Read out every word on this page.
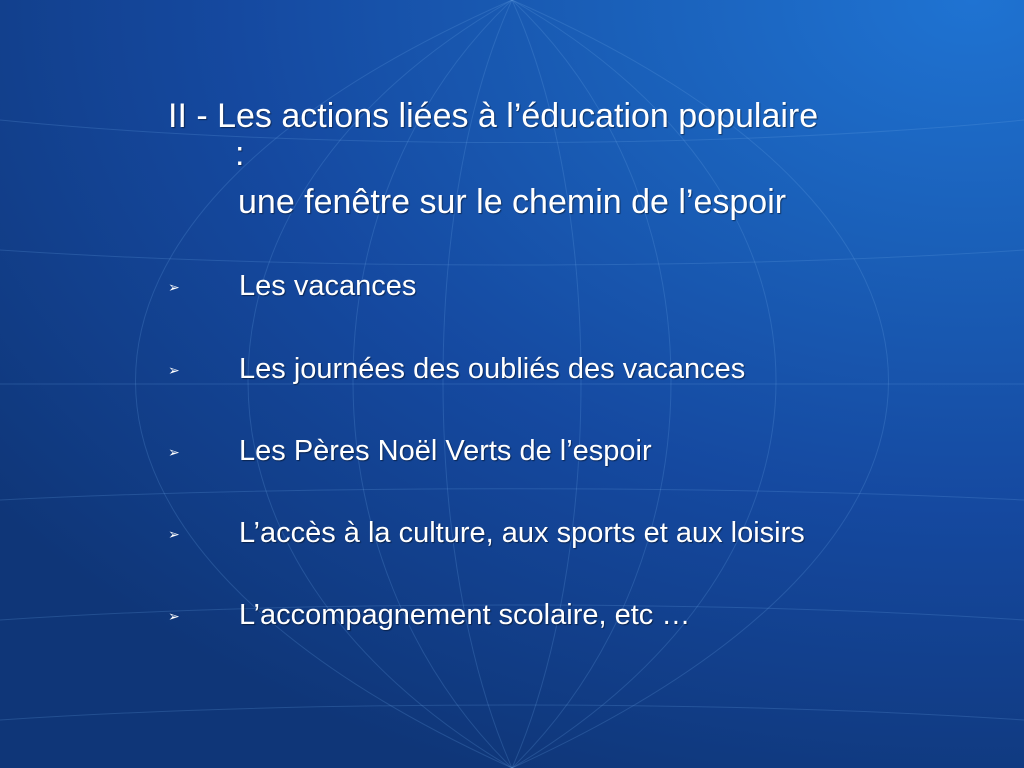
II - Les actions liées à l’éducation populaire
:
une fenêtre sur le chemin de l’espoir
➢ Les vacances
➢ Les journées des oubliés des vacances
➢ Les Pères Noël Verts de l’espoir
➢ L’accès à la culture, aux sports et aux loisirs
➢ L’accompagnement scolaire, etc …
